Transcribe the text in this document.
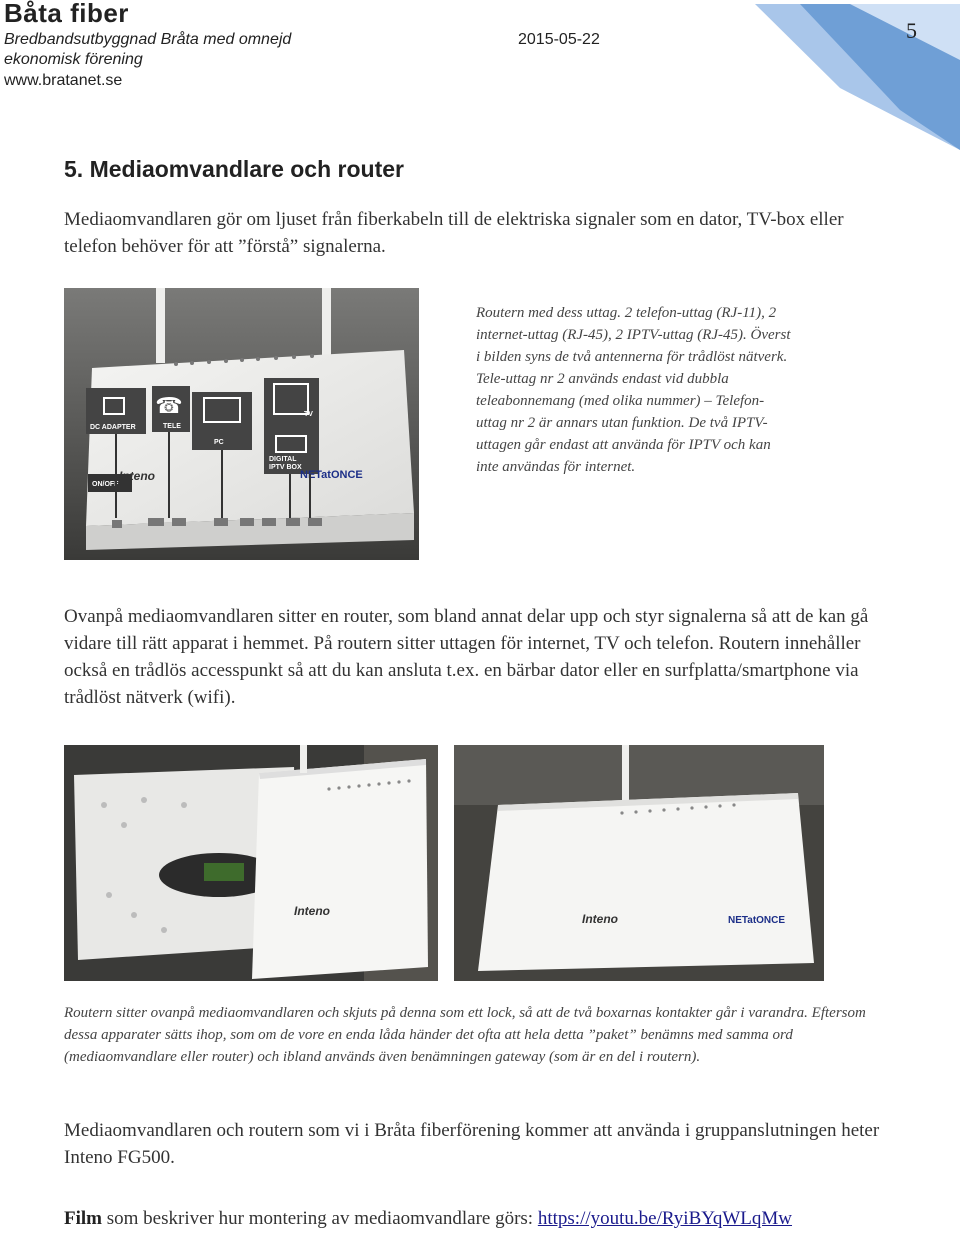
Båta fiber
Bredbandsutbyggnad Bråta med omnejd
ekonomisk förening
www.bratanet.se
2015-05-22	5
5. Mediaomvandlare och router
Mediaomvandlaren gör om ljuset från fiberkabeln till de elektriska signaler som en dator, TV-box eller telefon behöver för att ”förstå” signalerna.
☎
DC ADAPTER	TELE
PC
TV
DIGITAL
IPTV BOX
ON/OFF
Inteno	NETatONCE
Routern med dess uttag. 2 telefon-uttag (RJ-11), 2 internet-uttag (RJ-45), 2 IPTV-uttag (RJ-45). Överst i bilden syns de två antennerna för trådlöst nätverk. Tele-uttag nr 2 används endast vid dubbla teleabonnemang (med olika nummer) – Telefon-uttag nr 2 är annars utan funktion. De två IPTV-uttagen går endast att använda för IPTV och kan inte användas för internet.
Ovanpå mediaomvandlaren sitter en router, som bland annat delar upp och styr signalerna så att de kan gå vidare till rätt apparat i hemmet. På routern sitter uttagen för internet, TV och telefon. Routern innehåller också en trådlös accesspunkt så att du kan ansluta t.ex. en bärbar dator eller en surfplatta/smartphone via trådlöst nätverk (wifi).
Inteno
Inteno	NETatONCE
Routern sitter ovanpå mediaomvandlaren och skjuts på denna som ett lock, så att de två boxarnas kontakter går i varandra. Eftersom dessa apparater sätts ihop, som om de vore en enda låda händer det ofta att hela detta ”paket” benämns med samma ord (mediaomvandlare eller router) och ibland används även benämningen gateway (som är en del i routern).
Mediaomvandlaren och routern som vi i Bråta fiberförening kommer att använda i gruppanslutningen heter Inteno FG500.
Film som beskriver hur montering av mediaomvandlare görs: https://youtu.be/RyiBYqWLqMw
